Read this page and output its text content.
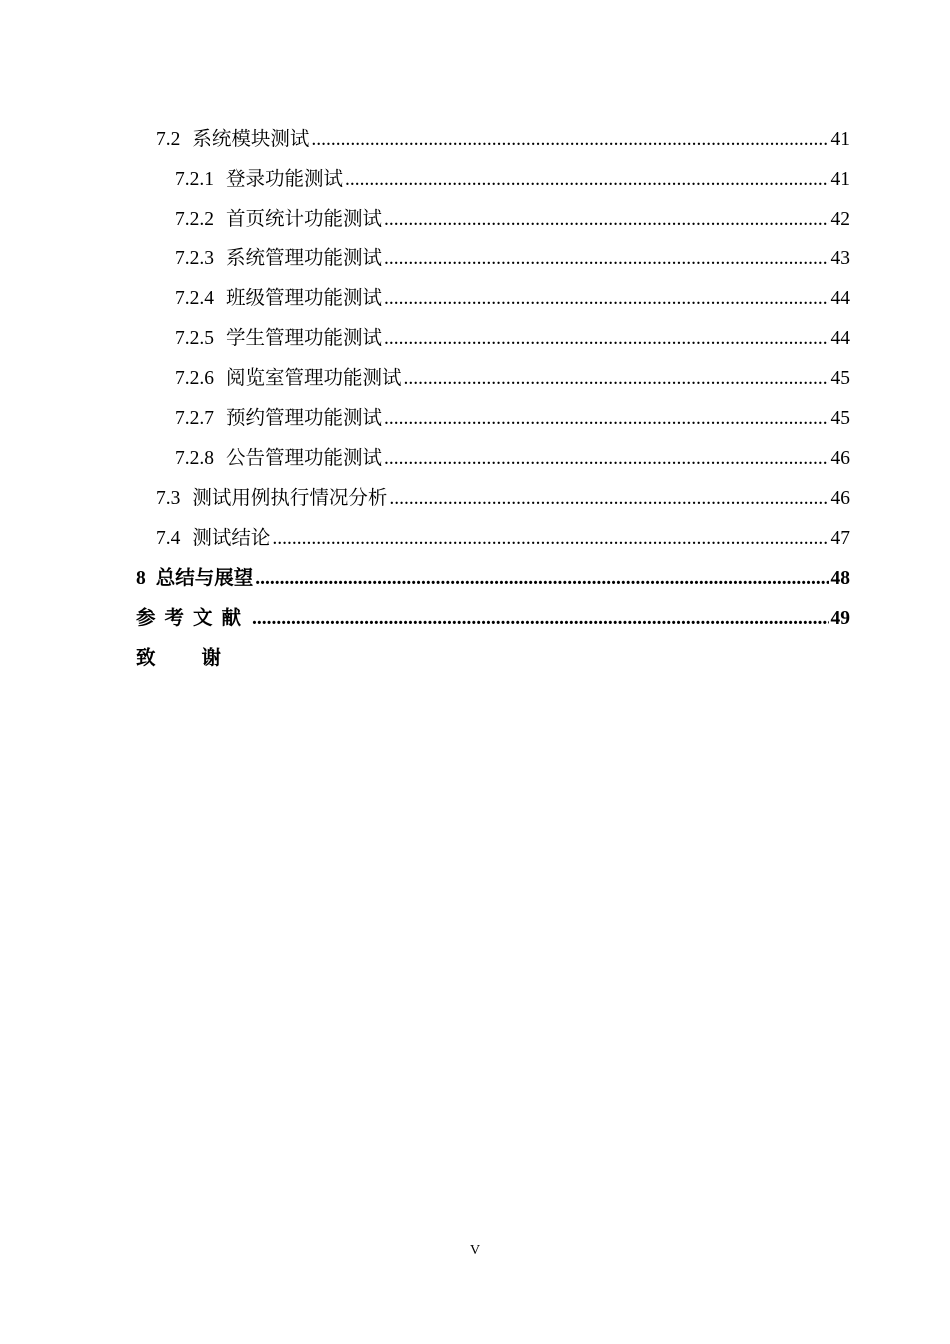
7.2 系统模块测试 .....	41
7.2.1 登录功能测试 .....	41
7.2.2 首页统计功能测试 .....	42
7.2.3 系统管理功能测试 .....	43
7.2.4 班级管理功能测试 .....	44
7.2.5 学生管理功能测试 .....	44
7.2.6 阅览室管理功能测试 .....	45
7.2.7 预约管理功能测试 .....	45
7.2.8 公告管理功能测试 .....	46
7.3 测试用例执行情况分析 .....	46
7.4 测试结论 .....	47
8 总结与展望 .....	48
参考文献 .....	49
致谢
V
